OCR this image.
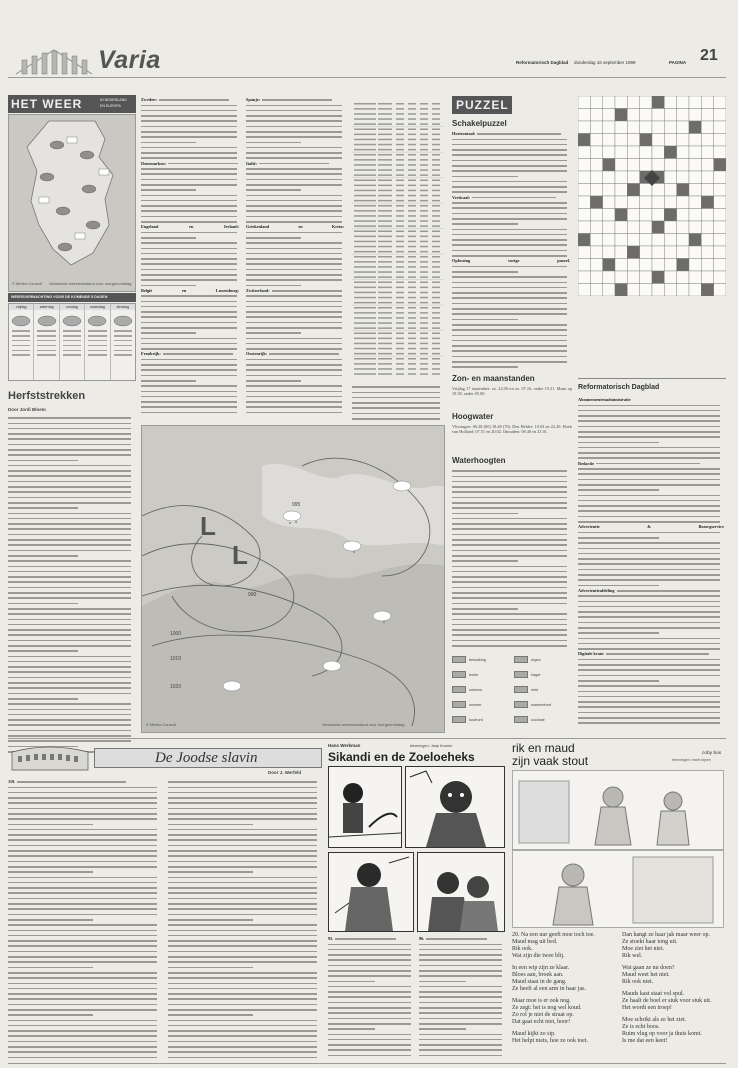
Varia	Reformatorisch Dagblad donderdag 16 september 1999	PAGINA 21
HET WEER	IN NEDERLAND
EN EUROPA
© Meteo Consult Verwachte weerstoestand voor morgenmiddag
WEERSVERWACHTING VOOR DE KOMENDE 5 DAGEN
vrijdag	zaterdag	zondag	maandag	dinsdag
Herfststrekken
Door Jordi Bloem
Zweden:
Denemarken:
Engeland en Ierland:
België en Luxemburg:
Frankrijk:
Spanje:
Italië:
Griekenland en Kreta:
Zwitserland:
Oostenrijk:
L
L
990
995
1000
1010
1020
© Meteo Consult	Verwachte weerstoestand voor morgenmiddag
PUZZEL
Schakelpuzzel
Horizontaal:
Verticaal:
Oplossing vorige puzzel.
Zon- en maanstanden
Vrijdag 17 september: zo. 22.06 tot zo. 07.16, onder 19.31. Maan op 19.38, onder 05.00.
Hoogwater
Vlissingen: 06.28 (60) 18.48 (70). Den Helder: 10.03 en 22.26. Hoek van Holland: 07.51 en 20.02. IJmuiden: 08.40 en 21.01.
Waterhoogten
bewolking	regen
buien	hagel
sneeuw	mist
onweer	warmtefront
koufront	occlusie
Reformatorisch Dagblad
Abonnementenadministratie
Redactie
Advertentie & Bezorgservice
Advertentieafdeling
Digitale krant
De Joodse slavin
Door J. Werfeld
119.
Hans Werkman	tekeningen: Jaap Kramer
Sikandi en de Zoeloeheks
95.	96.
rik en maud
zijn vaak stout
coby bos
tekeningen: marit wijnen
20. Na een uur geeft moe toch toe.
Maud mag uit bed.
Rik ook.
Wat zijn die twee blij.
In een wip zijn ze klaar.
Bloes aan, broek aan.
Maud staat in de gang.
Ze heeft al een arm in haar jas.
Maar moe is er ook nog.
Ze zegt: het is nog wel koud.
Zo rol je niet de straat op.
Dat gaat echt niet, hoor!
Maud kijkt zo sip.
Het helpt niets, hoe ze ook toet.
Dan hangt ze haar jak maar weer op.
Ze stoekt haar tong uit.
Moe ziet het niet.
Rik wel.
Wat gaan ze nu doen?
Maud weet het niet.
Rik ook niet.
Mauds kast staat vol spul.
Ze haalt de boel er stuk voor stuk uit.
Het wordt een troep!
Moe schrikt als ze het ziet.
Ze is echt boos.
Ruim vlug op voor ja thuis komt.
Is me dat een keet!
